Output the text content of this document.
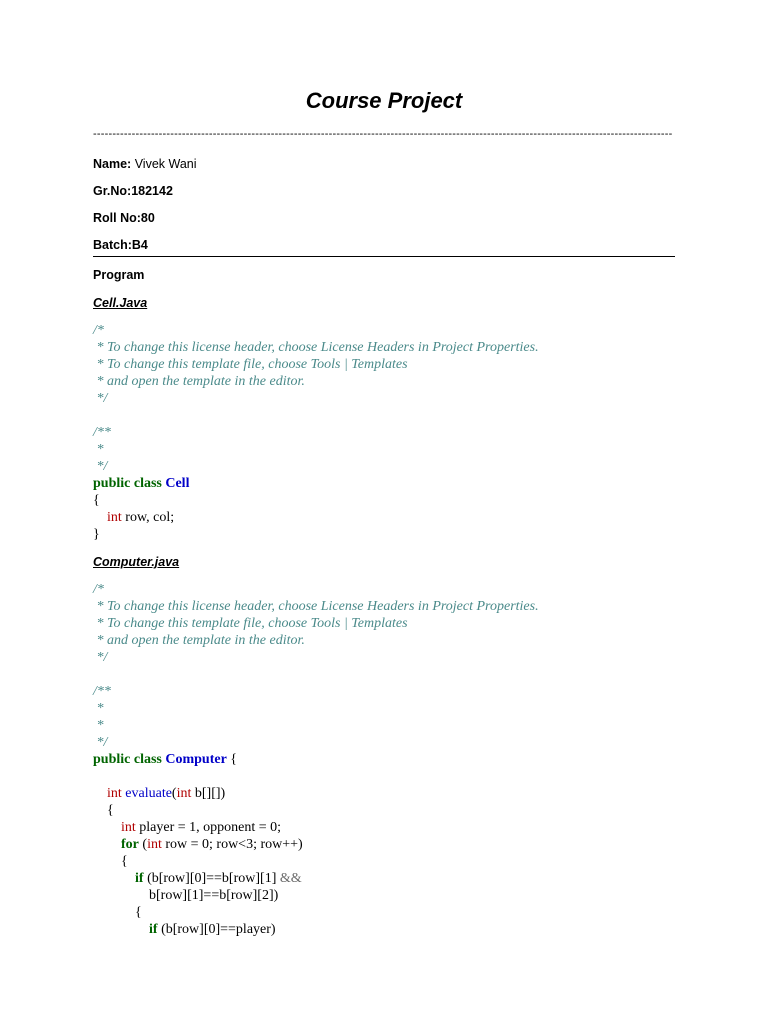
Course Project
------------------------------------------------------------------------------------------------------------------------------------------------------
Name: Vivek Wani
Gr.No:182142
Roll No:80
Batch:B4
Program
Cell.Java
/*
* To change this license header, choose License Headers in Project Properties.
* To change this template file, choose Tools | Templates
* and open the template in the editor.
*/
/**
*
*/
public class Cell
{
int row, col;
}
Computer.java
/*
* To change this license header, choose License Headers in Project Properties.
* To change this template file, choose Tools | Templates
* and open the template in the editor.
*/
/**
*
*
*/
public class Computer {
int evaluate(int b[][])
{
int player = 1, opponent = 0;
for (int row = 0; row<3; row++)
{
if (b[row][0]==b[row][1] &&
b[row][1]==b[row][2])
{
if (b[row][0]==player)
